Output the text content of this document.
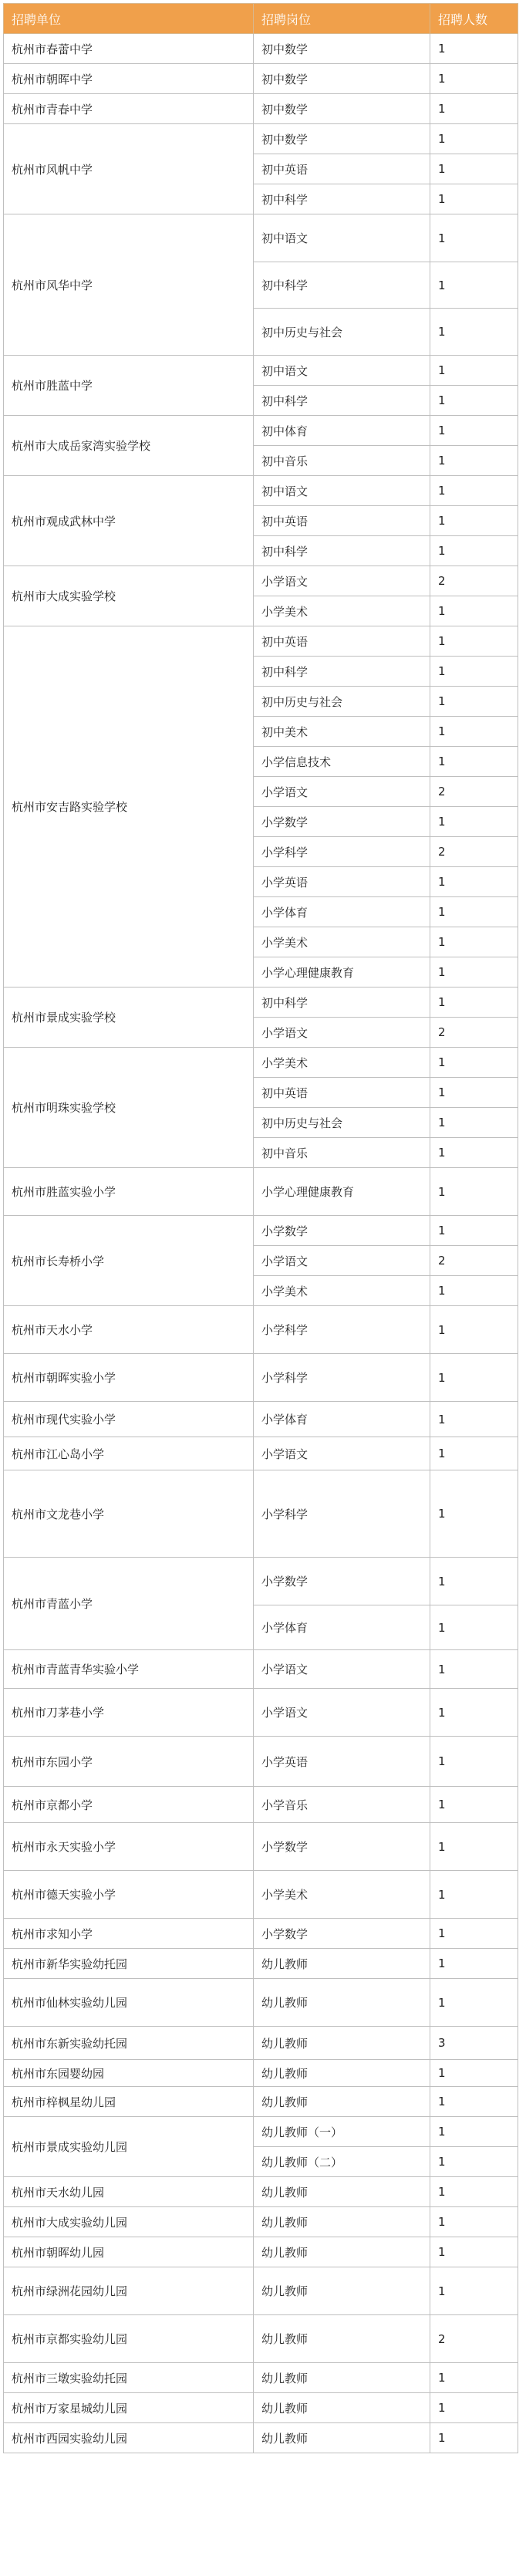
招聘单位	招聘岗位	招聘人数
杭州市春蕾中学	初中数学	1
杭州市朝晖中学	初中数学	1
杭州市青春中学	初中数学	1
杭州市风帆中学	初中数学	1
	初中英语	1
	初中科学	1
杭州市风华中学	初中语文	1
	初中科学	1
	初中历史与社会	1
杭州市胜蓝中学	初中语文	1
	初中科学	1
杭州市大成岳家湾实验学校	初中体育	1
	初中音乐	1
杭州市观成武林中学	初中语文	1
	初中英语	1
	初中科学	1
杭州市大成实验学校	小学语文	2
	小学美术	1
杭州市安吉路实验学校	初中英语	1
	初中科学	1
	初中历史与社会	1
	初中美术	1
	小学信息技术	1
	小学语文	2
	小学数学	1
	小学科学	2
	小学英语	1
	小学体育	1
	小学美术	1
	小学心理健康教育	1
杭州市景成实验学校	初中科学	1
	小学语文	2
杭州市明珠实验学校	小学美术	1
	初中英语	1
	初中历史与社会	1
	初中音乐	1
杭州市胜蓝实验小学	小学心理健康教育	1
杭州市长寿桥小学	小学数学	1
	小学语文	2
	小学美术	1
杭州市天水小学	小学科学	1
杭州市朝晖实验小学	小学科学	1
杭州市现代实验小学	小学体育	1
杭州市江心岛小学	小学语文	1
杭州市文龙巷小学	小学科学	1
杭州市青蓝小学	小学数学	1
	小学体育	1
杭州市青蓝青华实验小学	小学语文	1
杭州市刀茅巷小学	小学语文	1
杭州市东园小学	小学英语	1
杭州市京都小学	小学音乐	1
杭州市永天实验小学	小学数学	1
杭州市德天实验小学	小学美术	1
杭州市求知小学	小学数学	1
杭州市新华实验幼托园	幼儿教师	1
杭州市仙林实验幼儿园	幼儿教师	1
杭州市东新实验幼托园	幼儿教师	3
杭州市东园婴幼园	幼儿教师	1
杭州市梓枫星幼儿园	幼儿教师	1
杭州市景成实验幼儿园	幼儿教师（一）	1
	幼儿教师（二）	1
杭州市天水幼儿园	幼儿教师	1
杭州市大成实验幼儿园	幼儿教师	1
杭州市朝晖幼儿园	幼儿教师	1
杭州市绿洲花园幼儿园	幼儿教师	1
杭州市京都实验幼儿园	幼儿教师	2
杭州市三墩实验幼托园	幼儿教师	1
杭州市万家星城幼儿园	幼儿教师	1
杭州市西园实验幼儿园	幼儿教师	1
